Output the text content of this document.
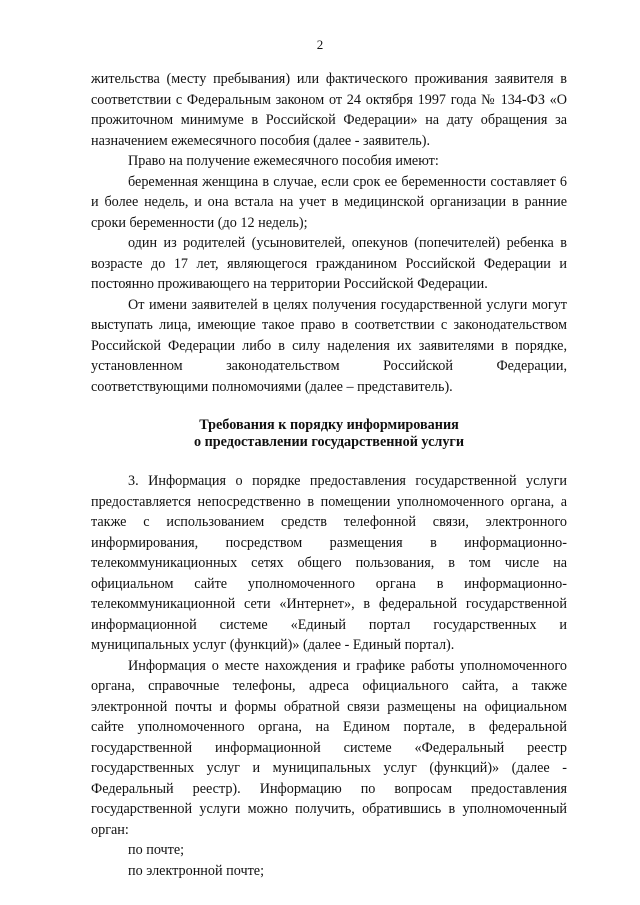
2

жительства (месту пребывания) или фактического проживания заявителя в соответствии с Федеральным законом от 24 октября 1997 года № 134-ФЗ «О прожиточном минимуме в Российской Федерации» на дату обращения за назначением ежемесячного пособия (далее - заявитель).

Право на получение ежемесячного пособия имеют:

беременная женщина в случае, если срок ее беременности составляет 6 и более недель, и она встала на учет в медицинской организации в ранние сроки беременности (до 12 недель);

один из родителей (усыновителей, опекунов (попечителей) ребенка в возрасте до 17 лет, являющегося гражданином Российской Федерации и постоянно проживающего на территории Российской Федерации.

От имени заявителей в целях получения государственной услуги могут выступать лица, имеющие такое право в соответствии с законодательством Российской Федерации либо в силу наделения их заявителями в порядке, установленном законодательством Российской Федерации, соответствующими полномочиями (далее – представитель).

Требования к порядку информирования
о предоставлении государственной услуги

3. Информация о порядке предоставления государственной услуги предоставляется непосредственно в помещении уполномоченного органа, а также с использованием средств телефонной связи, электронного информирования, посредством размещения в информационно-телекоммуникационных сетях общего пользования, в том числе на официальном сайте уполномоченного органа в информационно-телекоммуникационной сети «Интернет», в федеральной государственной информационной системе «Единый портал государственных и муниципальных услуг (функций)» (далее - Единый портал).

Информация о месте нахождения и графике работы уполномоченного органа, справочные телефоны, адреса официального сайта, а также электронной почты и формы обратной связи размещены на официальном сайте уполномоченного органа, на Едином портале, в федеральной государственной информационной системе «Федеральный реестр государственных услуг и муниципальных услуг (функций)» (далее - Федеральный реестр). Информацию по вопросам предоставления государственной услуги можно получить, обратившись в уполномоченный орган:

по почте;

по электронной почте;
